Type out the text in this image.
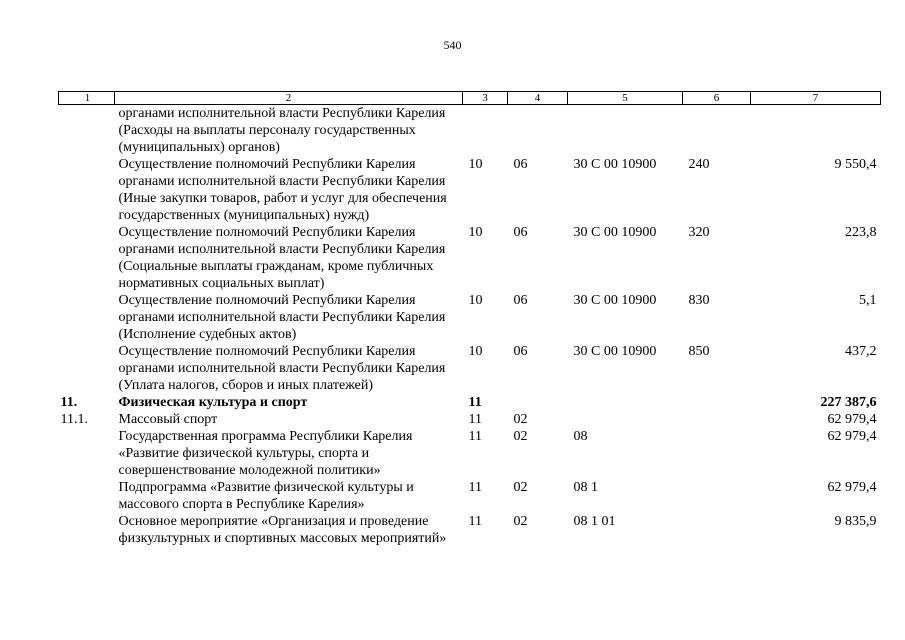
540
1	2	3	4	5	6	7
	органами исполнительной власти Республики Карелия (Расходы на выплаты персоналу государственных (муниципальных) органов)					
	Осуществление полномочий Республики Карелия органами исполнительной власти Республики Карелия (Иные закупки товаров, работ и услуг для обеспечения государственных (муниципальных) нужд)	10	06	30 С 00 10900	240	9 550,4
	Осуществление полномочий Республики Карелия органами исполнительной власти Республики Карелия (Социальные выплаты гражданам, кроме публичных нормативных социальных выплат)	10	06	30 С 00 10900	320	223,8
	Осуществление полномочий Республики Карелия органами исполнительной власти Республики Карелия (Исполнение судебных актов)	10	06	30 С 00 10900	830	5,1
	Осуществление полномочий Республики Карелия органами исполнительной власти Республики Карелия (Уплата налогов, сборов и иных платежей)	10	06	30 С 00 10900	850	437,2
11.	Физическая культура и спорт	11				227 387,6
11.1.	Массовый спорт	11	02			62 979,4
	Государственная программа Республики Карелия «Развитие физической культуры, спорта и совершенствование молодежной политики»	11	02	08		62 979,4
	Подпрограмма «Развитие физической культуры и массового спорта в Республике Карелия»	11	02	08 1		62 979,4
	Основное мероприятие «Организация и проведение физкультурных и спортивных массовых мероприятий»	11	02	08 1 01		9 835,9
